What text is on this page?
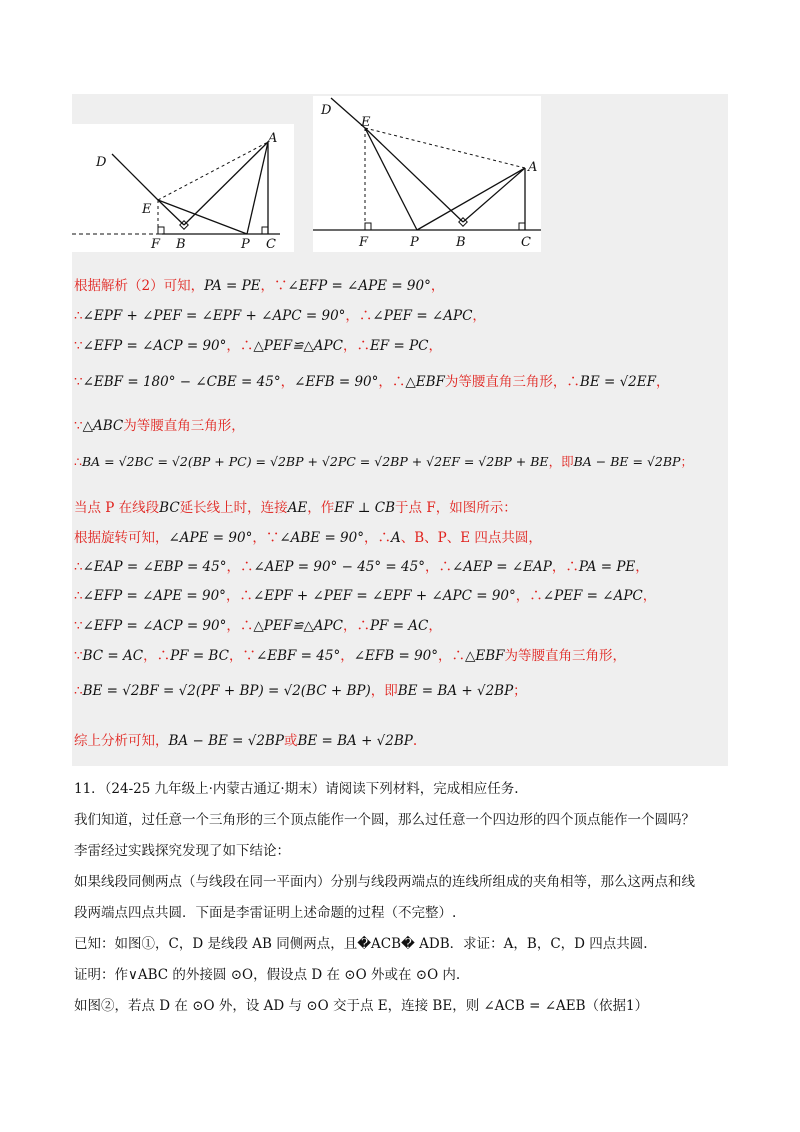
D
E
A
F B	P C
D
E
A
F	P	B	C
根据解析（2）可知，PA = PE，∵∠EFP = ∠APE = 90°，
∴∠EPF + ∠PEF = ∠EPF + ∠APC = 90°，∴∠PEF = ∠APC，
∵∠EFP = ∠ACP = 90°，∴△PEF≌△APC，∴EF = PC，
∵∠EBF = 180° − ∠CBE = 45°，∠EFB = 90°，∴△EBF为等腰直角三角形，∴BE = √2EF，
∵△ABC为等腰直角三角形，
∴BA = √2BC = √2(BP + PC) = √2BP + √2PC = √2BP + √2EF = √2BP + BE，即BA − BE = √2BP；
当点 P 在线段BC延长线上时，连接AE，作EF ⊥ CB于点 F，如图所示：
根据旋转可知，∠APE = 90°，∵∠ABE = 90°，∴A、B、P、E 四点共圆，
∴∠EAP = ∠EBP = 45°，∴∠AEP = 90° − 45° = 45°，∴∠AEP = ∠EAP，∴PA = PE，
∴∠EFP = ∠APE = 90°，∴∠EPF + ∠PEF = ∠EPF + ∠APC = 90°，∴∠PEF = ∠APC，
∵∠EFP = ∠ACP = 90°，∴△PEF≌△APC，∴PF = AC，
∵BC = AC，∴PF = BC，∵∠EBF = 45°，∠EFB = 90°，∴△EBF为等腰直角三角形，
∴BE = √2BF = √2(PF + BP) = √2(BC + BP)，即BE = BA + √2BP；
综上分析可知，BA − BE = √2BP或BE = BA + √2BP.
11．（24-25 九年级上·内蒙古通辽·期末）请阅读下列材料，完成相应任务.
我们知道，过任意一个三角形的三个顶点能作一个圆，那么过任意一个四边形的四个顶点能作一个圆吗？
李雷经过实践探究发现了如下结论：
如果线段同侧两点（与线段在同一平面内）分别与线段两端点的连线所组成的夹角相等，那么这两点和线
段两端点四点共圆．下面是李雷证明上述命题的过程（不完整）.
已知：如图①，C，D 是线段 AB 同侧两点，且�ACB� ADB．求证：A，B，C，D 四点共圆.
证明：作∨ABC 的外接圆 ⊙O，假设点 D 在 ⊙O 外或在 ⊙O 内.
如图②，若点 D 在 ⊙O 外，设 AD 与 ⊙O 交于点 E，连接 BE，则 ∠ACB = ∠AEB（依据1）
